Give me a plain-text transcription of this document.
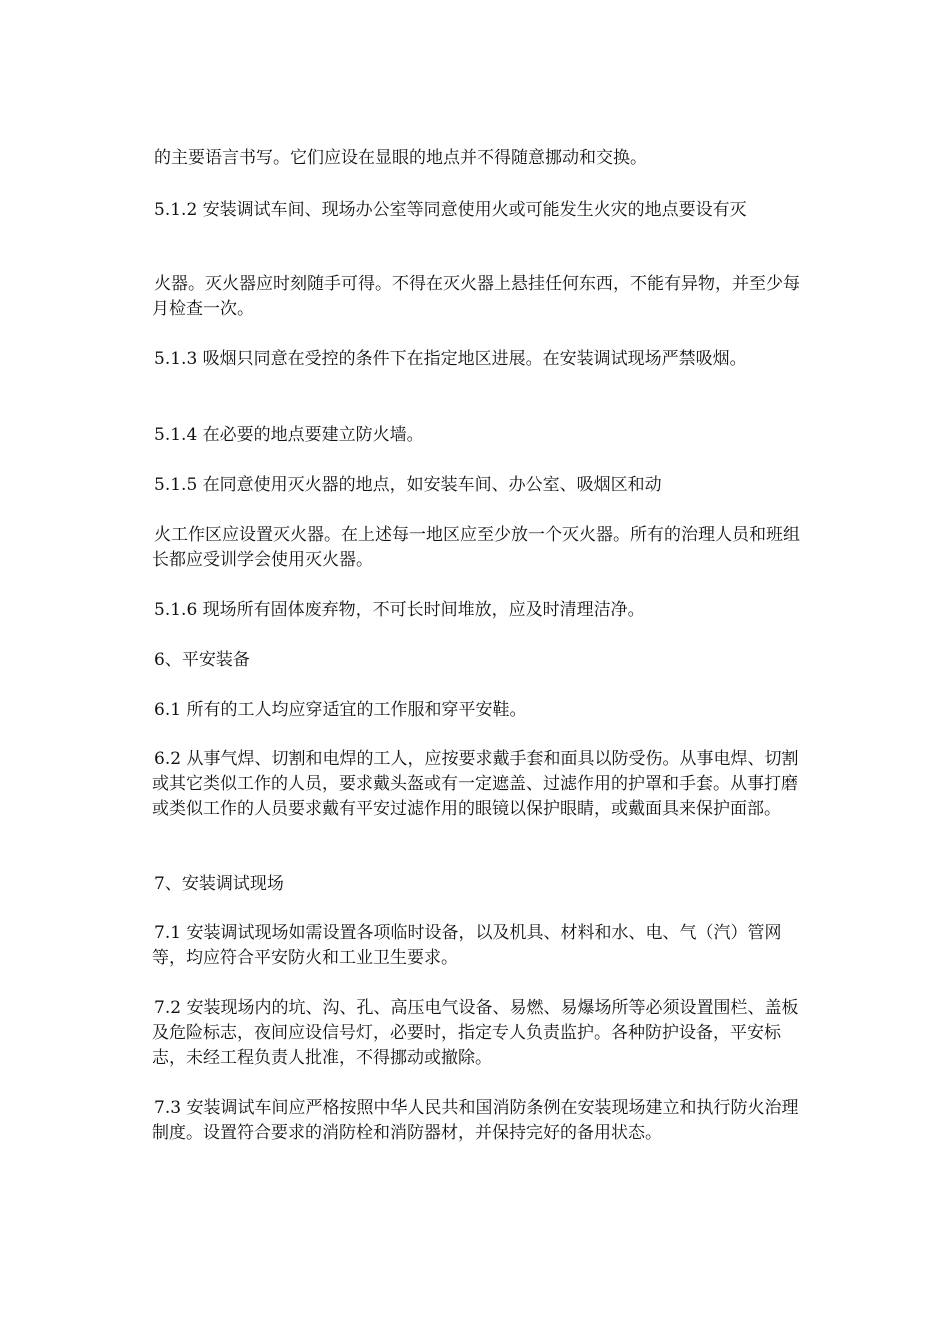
的主要语言书写。它们应设在显眼的地点并不得随意挪动和交换。

5.1.2 安装调试车间、现场办公室等同意使用火或可能发生火灾的地点要设有灭

火器。灭火器应时刻随手可得。不得在灭火器上悬挂任何东西，不能有异物，并至少每月检查一次。

5.1.3 吸烟只同意在受控的条件下在指定地区进展。在安装调试现场严禁吸烟。

5.1.4 在必要的地点要建立防火墙。

5.1.5 在同意使用灭火器的地点，如安装车间、办公室、吸烟区和动

火工作区应设置灭火器。在上述每一地区应至少放一个灭火器。所有的治理人员和班组长都应受训学会使用灭火器。

5.1.6 现场所有固体废弃物，不可长时间堆放，应及时清理洁净。

6、平安装备

6.1 所有的工人均应穿适宜的工作服和穿平安鞋。

6.2 从事气焊、切割和电焊的工人，应按要求戴手套和面具以防受伤。从事电焊、切割或其它类似工作的人员，要求戴头盔或有一定遮盖、过滤作用的护罩和手套。从事打磨或类似工作的人员要求戴有平安过滤作用的眼镜以保护眼睛，或戴面具来保护面部。

7、安装调试现场

7.1 安装调试现场如需设置各项临时设备，以及机具、材料和水、电、气（汽）管网等，均应符合平安防火和工业卫生要求。

7.2 安装现场内的坑、沟、孔、高压电气设备、易燃、易爆场所等必须设置围栏、盖板及危险标志，夜间应设信号灯，必要时，指定专人负责监护。各种防护设备，平安标志，未经工程负责人批准，不得挪动或撤除。

7.3 安装调试车间应严格按照中华人民共和国消防条例在安装现场建立和执行防火治理制度。设置符合要求的消防栓和消防器材，并保持完好的备用状态。
